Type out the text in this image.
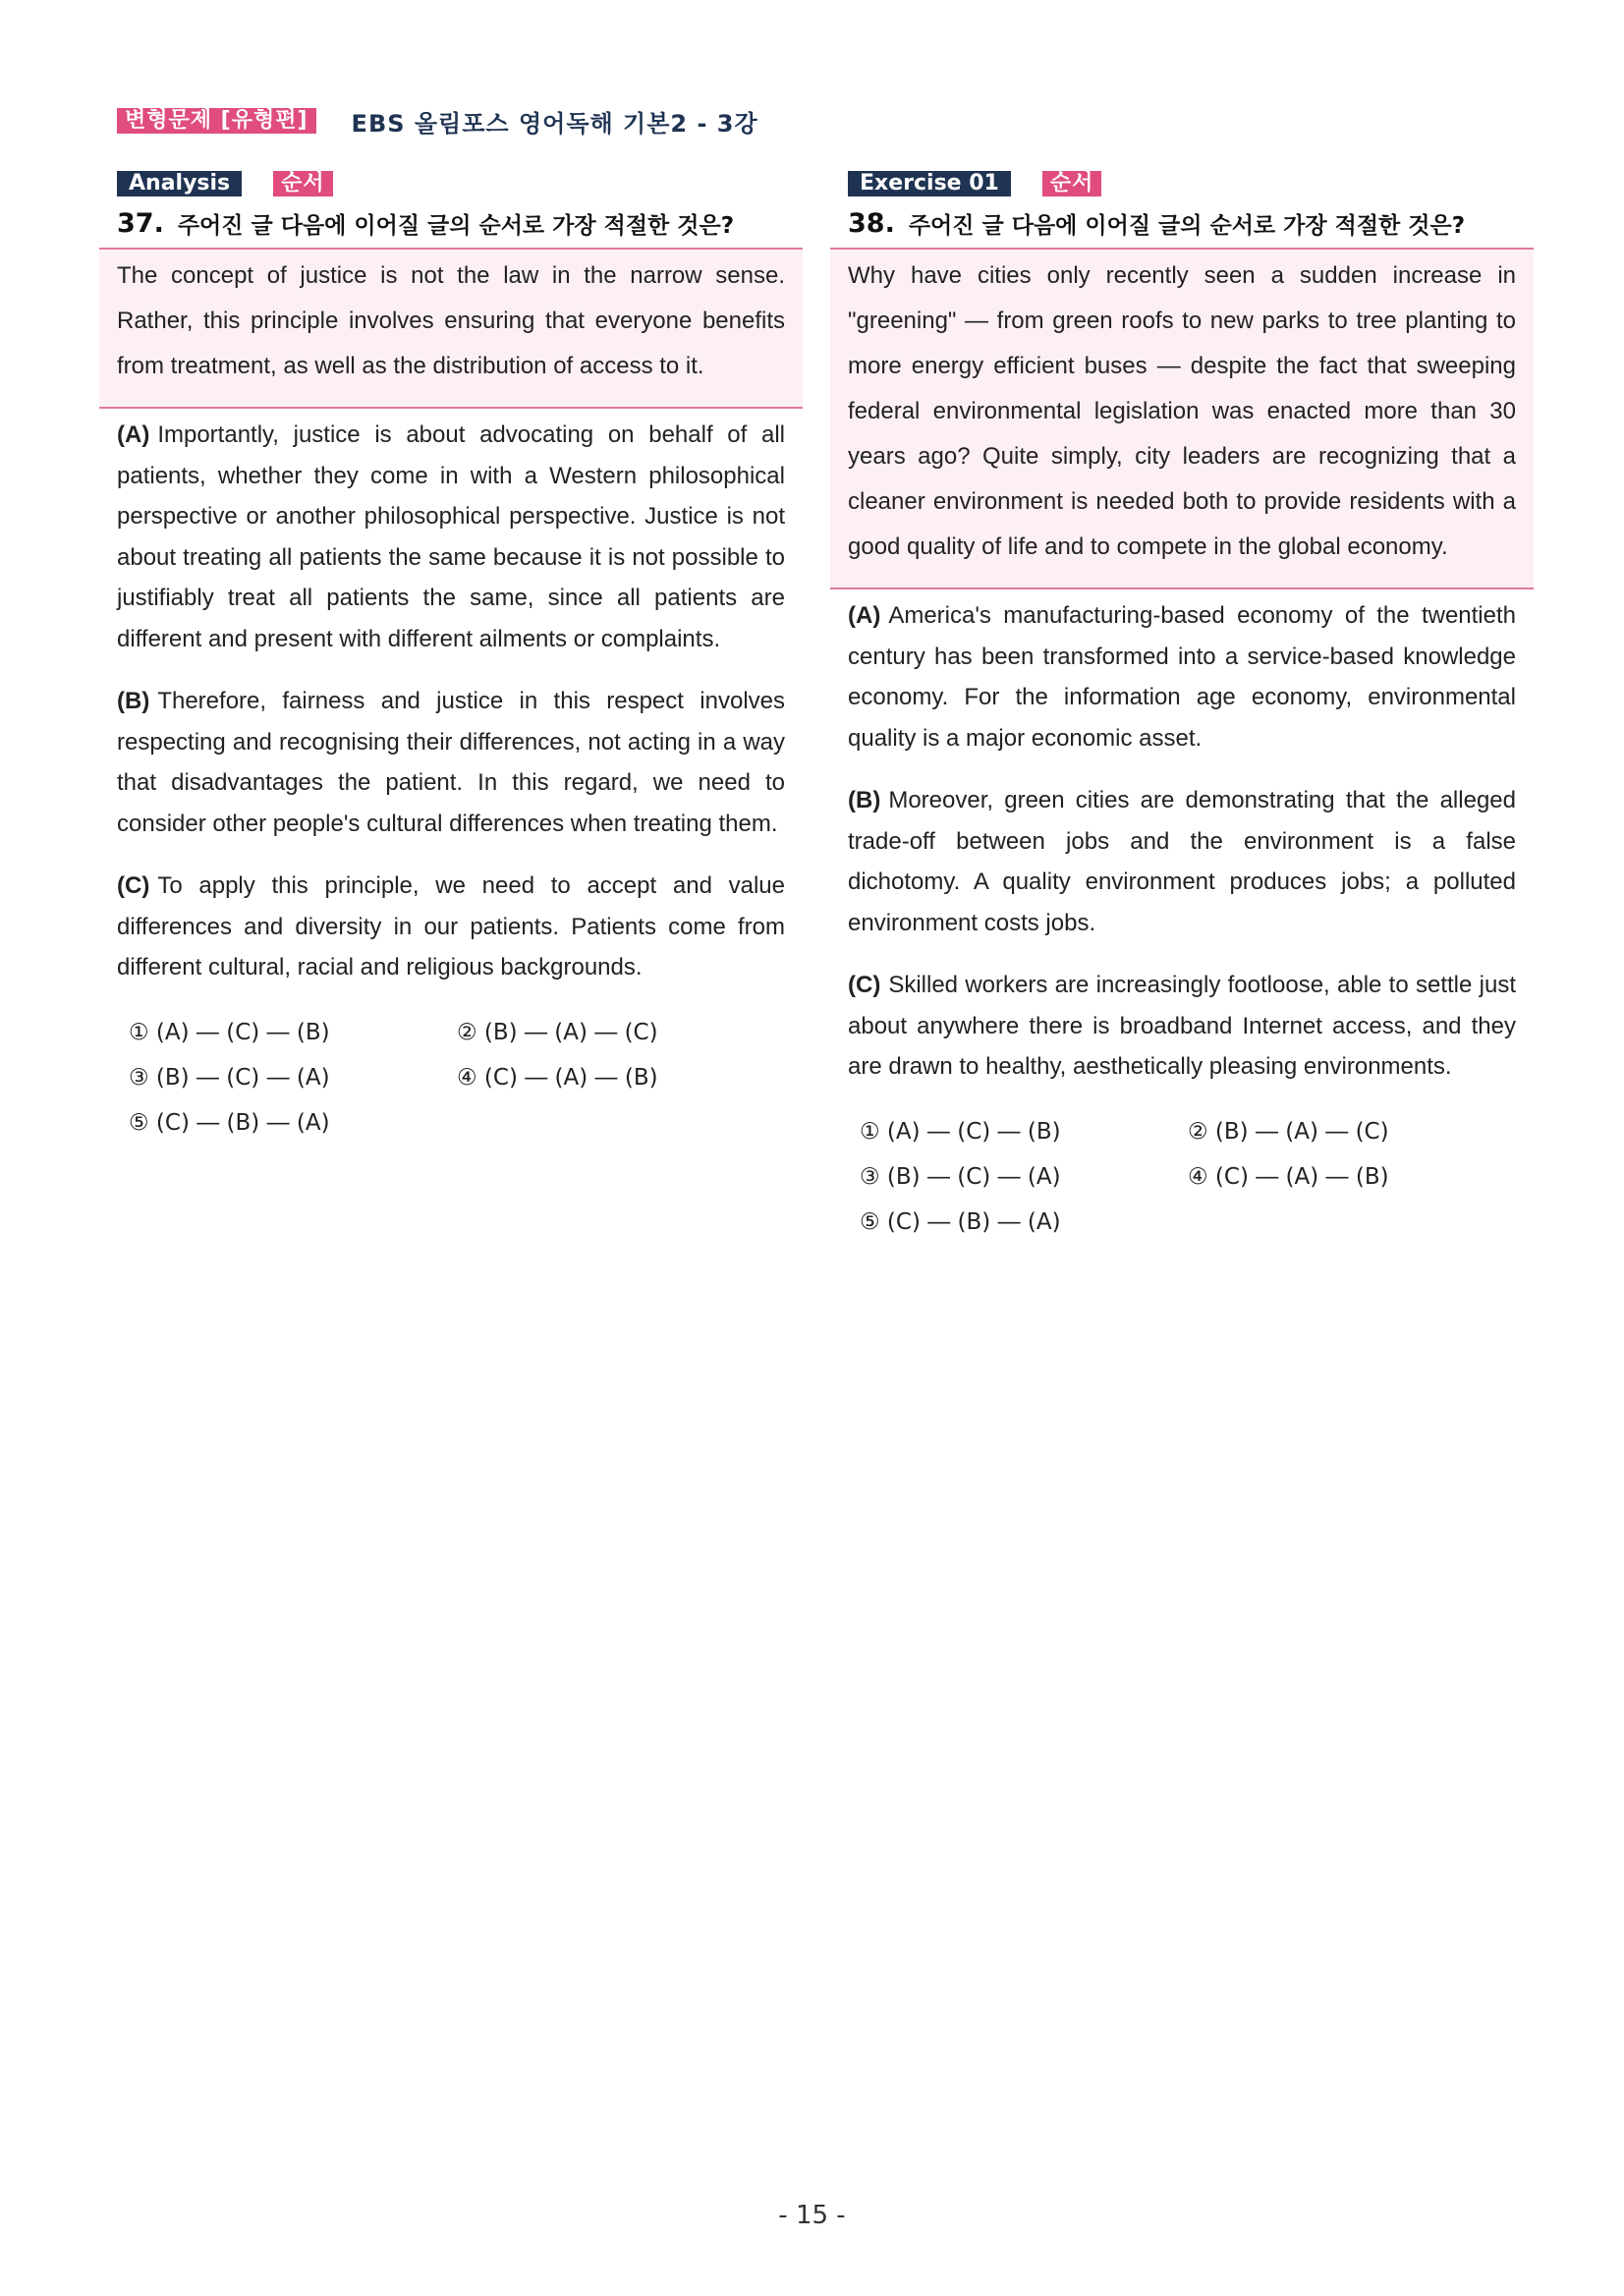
변형문제 [유형편]	EBS 올림포스 영어독해 기본2 - 3강
Analysis	순서
37. 주어진 글 다음에 이어질 글의 순서로 가장 적절한 것은?

The concept of justice is not the law in the narrow sense. Rather, this principle involves ensuring that everyone benefits from treatment, as well as the distribution of access to it.

(A) Importantly, justice is about advocating on behalf of all patients, whether they come in with a Western philosophical perspective or another philosophical perspective. Justice is not about treating all patients the same because it is not possible to justifiably treat all patients the same, since all patients are different and present with different ailments or complaints.

(B) Therefore, fairness and justice in this respect involves respecting and recognising their differences, not acting in a way that disadvantages the patient. In this regard, we need to consider other people's cultural differences when treating them.

(C) To apply this principle, we need to accept and value differences and diversity in our patients. Patients come from different cultural, racial and religious backgrounds.

① (A) ― (C) ― (B)	② (B) ― (A) ― (C)
③ (B) ― (C) ― (A)	④ (C) ― (A) ― (B)
⑤ (C) ― (B) ― (A)
Exercise 01	순서
38. 주어진 글 다음에 이어질 글의 순서로 가장 적절한 것은?

Why have cities only recently seen a sudden increase in "greening" ― from green roofs to new parks to tree planting to more energy efficient buses ― despite the fact that sweeping federal environmental legislation was enacted more than 30 years ago? Quite simply, city leaders are recognizing that a cleaner environment is needed both to provide residents with a good quality of life and to compete in the global economy.

(A) America's manufacturing-based economy of the twentieth century has been transformed into a service-based knowledge economy. For the information age economy, environmental quality is a major economic asset.

(B) Moreover, green cities are demonstrating that the alleged trade-off between jobs and the environment is a false dichotomy. A quality environment produces jobs; a polluted environment costs jobs.

(C) Skilled workers are increasingly footloose, able to settle just about anywhere there is broadband Internet access, and they are drawn to healthy, aesthetically pleasing environments.

① (A) ― (C) ― (B)	② (B) ― (A) ― (C)
③ (B) ― (C) ― (A)	④ (C) ― (A) ― (B)
⑤ (C) ― (B) ― (A)
- 15 -
